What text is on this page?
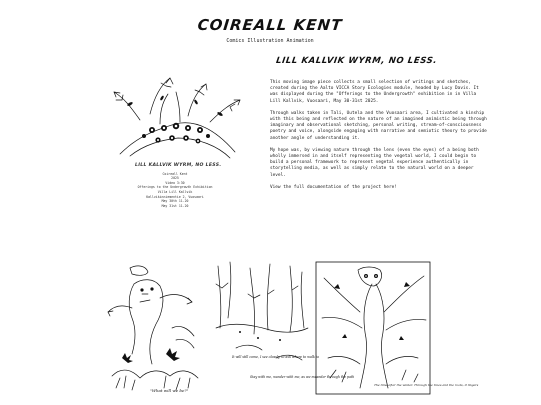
COIREALL KENT
Comics Illustration Animation
LILL KALLVIK WYRM, NO LESS.
Coireall Kent
2025
Video 3:30
Offerings to the Undergrowth Exhibition
Villa Lill Kallvik
Kallvikinniementie 2, Vuosaari
May 30th 11-20
May 31st 11-20
LILL KALLVIK WYRM, NO LESS.

This moving image piece collects a small selection of writings and sketches, created during the Aalto VICCA Story Ecologies module, headed by Lucy Davis. It was displayed during the "Offerings to the Undergrowth" exhibition in in Villa Lill Kallvik, Vuosaari, May 30-31st 2025.

Through walks taken in Tali, Uutela and the Vuosaari area, I cultivated a kinship with this being and reflected on the nature of an imagined animistic being through imaginary and observational sketching, personal writing, stream-of-consciousness poetry and voice, alongside engaging with narrative and semiotic theory to provide another angle of understanding it.

My hope was, by viewing nature through the lens (even the eyes) of a being both wholly immersed in and itself representing the vegetal world, I could begin to build a personal framework to represent vegetal experience authentically in storytelling media, as well as simply relate to the natural world on a deeper level.

View the full documentation of the project here!

"What will we be?"
It will still come, I see clearly, to ask where to walk to
Stay with me, wander with me, as we meander through the path
The time after the winter. Through the trees and the roots, it lingers
